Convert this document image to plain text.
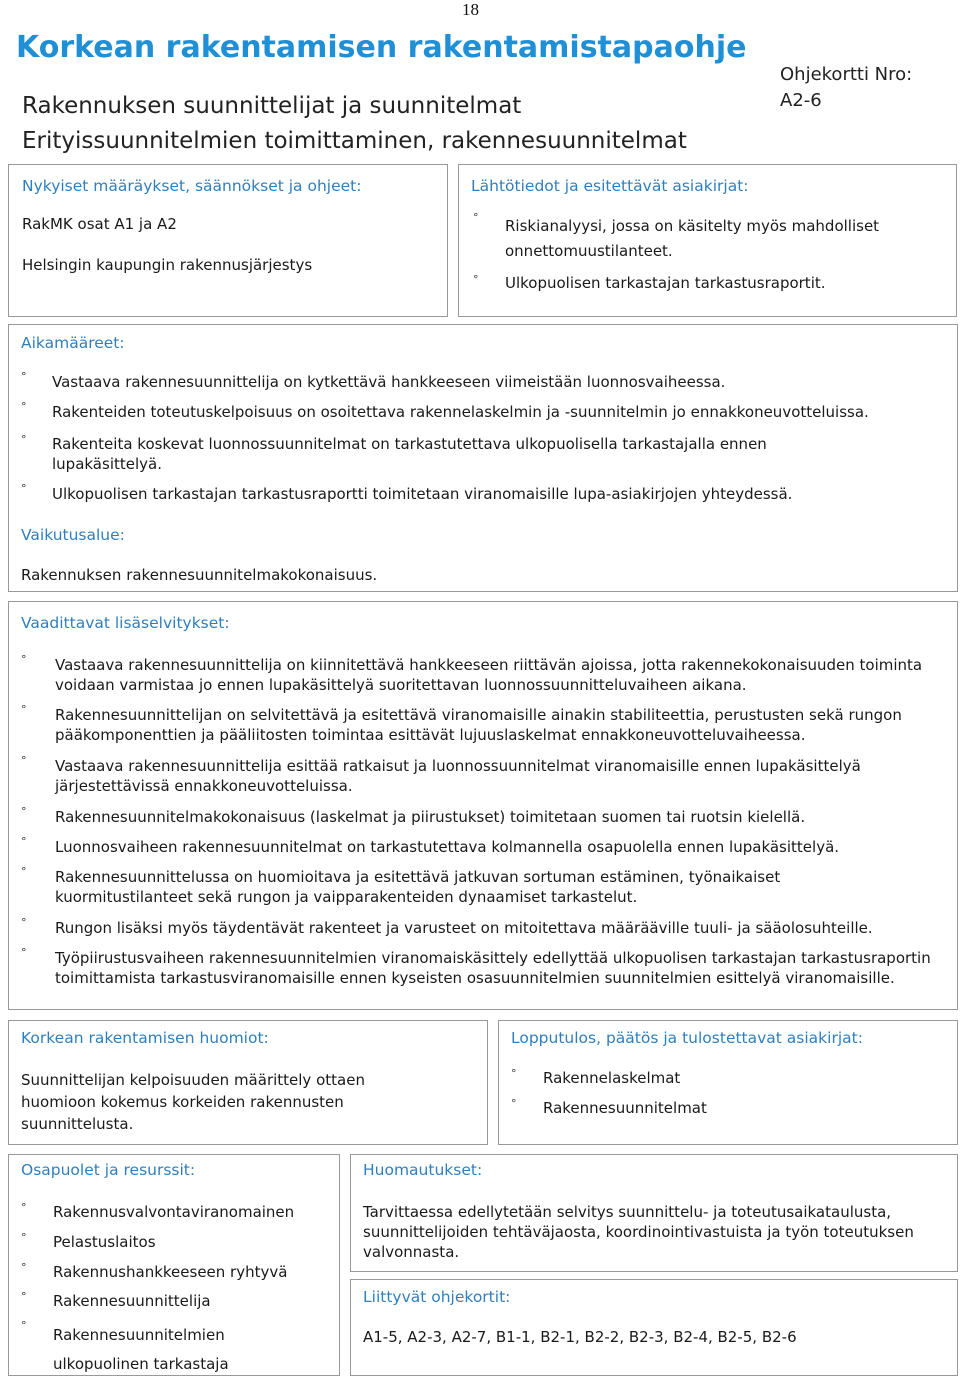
18
Korkean rakentamisen rakentamistapaohje
Rakennuksen suunnittelijat ja suunnitelmat
Erityissuunnitelmien toimittaminen, rakennesuunnitelmat
Ohjekortti Nro:
A2-6
Nykyiset määräykset, säännökset ja ohjeet:
RakMK osat A1 ja A2
Helsingin kaupungin rakennusjärjestys
Lähtötiedot ja esitettävät asiakirjat:
° Riskianalyysi, jossa on käsitelty myös mahdolliset onnettomuustilanteet.
° Ulkopuolisen tarkastajan tarkastusraportit.
Aikamääreet:
° Vastaava rakennesuunnittelija on kytkettävä hankkeeseen viimeistään luonnosvaiheessa.
° Rakenteiden toteutuskelpoisuus on osoitettava rakennelaskelmin ja -suunnitelmin jo ennakkoneuvotteluissa.
° Rakenteita koskevat luonnossuunnitelmat on tarkastutettava ulkopuolisella tarkastajalla ennen lupakäsittelyä.
° Ulkopuolisen tarkastajan tarkastusraportti toimitetaan viranomaisille lupa-asiakirjojen yhteydessä.
Vaikutusalue:
Rakennuksen rakennesuunnitelmakokonaisuus.
Vaadittavat lisäselvitykset:
° Vastaava rakennesuunnittelija on kiinnitettävä hankkeeseen riittävän ajoissa, jotta rakennekokonaisuuden toiminta voidaan varmistaa jo ennen lupakäsittelyä suoritettavan luonnossuunnitteluvaiheen aikana.
° Rakennesuunnittelijan on selvitettävä ja esitettävä viranomaisille ainakin stabiliteettia, perustusten sekä rungon pääkomponenttien ja pääliitosten toimintaa esittävät lujuuslaskelmat ennakkoneuvotteluvaiheessa.
° Vastaava rakennesuunnittelija esittää ratkaisut ja luonnossuunnitelmat viranomaisille ennen lupakäsittelyä järjestettävissä ennakkoneuvotteluissa.
° Rakennesuunnitelmakokonaisuus (laskelmat ja piirustukset) toimitetaan suomen tai ruotsin kielellä.
° Luonnosvaiheen rakennesuunnitelmat on tarkastutettava kolmannella osapuolella ennen lupakäsittelyä.
° Rakennesuunnittelussa on huomioitava ja esitettävä jatkuvan sortuman estäminen, työnaikaiset kuormitustilanteet sekä rungon ja vaipparakenteiden dynaamiset tarkastelut.
° Rungon lisäksi myös täydentävät rakenteet ja varusteet on mitoitettava määräävillе tuuli- ja sääolosuhteille.
° Työpiirustusvaiheen rakennesuunnitelmien viranomaiskäsittely edellyttää ulkopuolisen tarkastajan tarkastusraportin toimittamista tarkastusviranomaisille ennen kyseisten osasuunnitelmien suunnitelmien esittelyä viranomaisille.
Korkean rakentamisen huomiot:
Suunnittelijan kelpoisuuden määrittely ottaen huomioon kokemus korkeiden rakennusten suunnittelusta.
Lopputulos, päätös ja tulostettavat asiakirjat:
° Rakennelaskelmat
° Rakennesuunnitelmat
Osapuolet ja resurssit:
° Rakennusvalvontaviranomainen
° Pelastuslaitos
° Rakennushankkeeseen ryhtyvä
° Rakennesuunnittelija
°
Rakennesuunnitelmien ulkopuolinen tarkastaja
Huomautukset:
Tarvittaessa edellytetään selvitys suunnittelu- ja toteutusaikataulusta, suunnittelijoiden tehtäväjaosta, koordinointivastuista ja työn toteutuksen valvonnasta.
Liittyvät ohjekortit:
A1-5, A2-3, A2-7, B1-1, B2-1, B2-2, B2-3, B2-4, B2-5, B2-6
